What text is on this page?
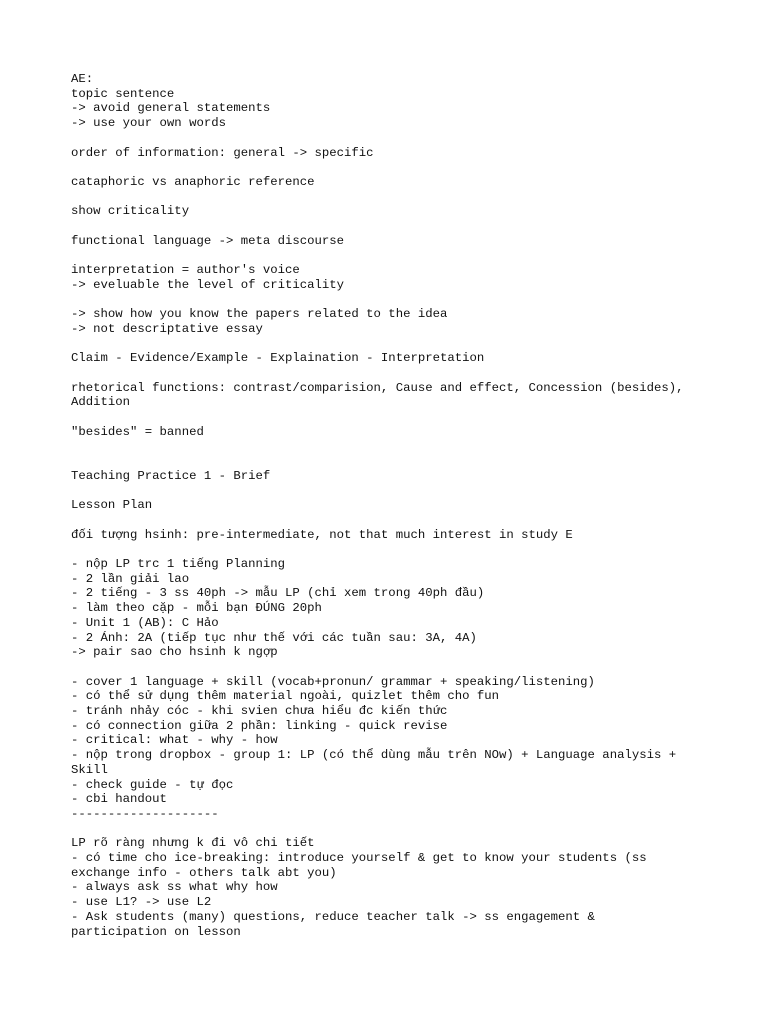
AE:
topic sentence
-> avoid general statements
-> use your own words
order of information: general -> specific
cataphoric vs anaphoric reference
show criticality
functional language -> meta discourse
interpretation = author's voice
-> eveluable the level of criticality
-> show how you know the papers related to the idea
-> not descriptative essay
Claim - Evidence/Example - Explaination - Interpretation
rhetorical functions: contrast/comparision, Cause and effect, Concession (besides),
Addition
"besides" = banned
Teaching Practice 1 - Brief
Lesson Plan
đối tượng hsinh: pre-intermediate, not that much interest in study E
- nộp LP trc 1 tiếng Planning
- 2 lần giải lao
- 2 tiếng - 3 ss 40ph -> mẫu LP (chỉ xem trong 40ph đầu)
- làm theo cặp - mỗi bạn ĐÚNG 20ph
- Unit 1 (AB): C Hảo
- 2 Ánh: 2A (tiếp tục như thế với các tuần sau: 3A, 4A)
-> pair sao cho hsinh k ngợp
- cover 1 language + skill (vocab+pronun/ grammar + speaking/listening)
- có thể sử dụng thêm material ngoài, quizlet thêm cho fun
- tránh nhảy cóc - khi svien chưa hiểu đc kiến thức
- có connection giữa 2 phần: linking - quick revise
- critical: what - why - how
- nộp trong dropbox - group 1: LP (có thể dùng mẫu trên NOw) + Language analysis +
Skill
- check guide - tự đọc
- cbi handout
--------------------
LP rõ ràng nhưng k đi vô chi tiết
- có time cho ice-breaking: introduce yourself & get to know your students (ss
exchange info - others talk abt you)
- always ask ss what why how
- use L1? -> use L2
- Ask students (many) questions, reduce teacher talk -> ss engagement &
participation on lesson
